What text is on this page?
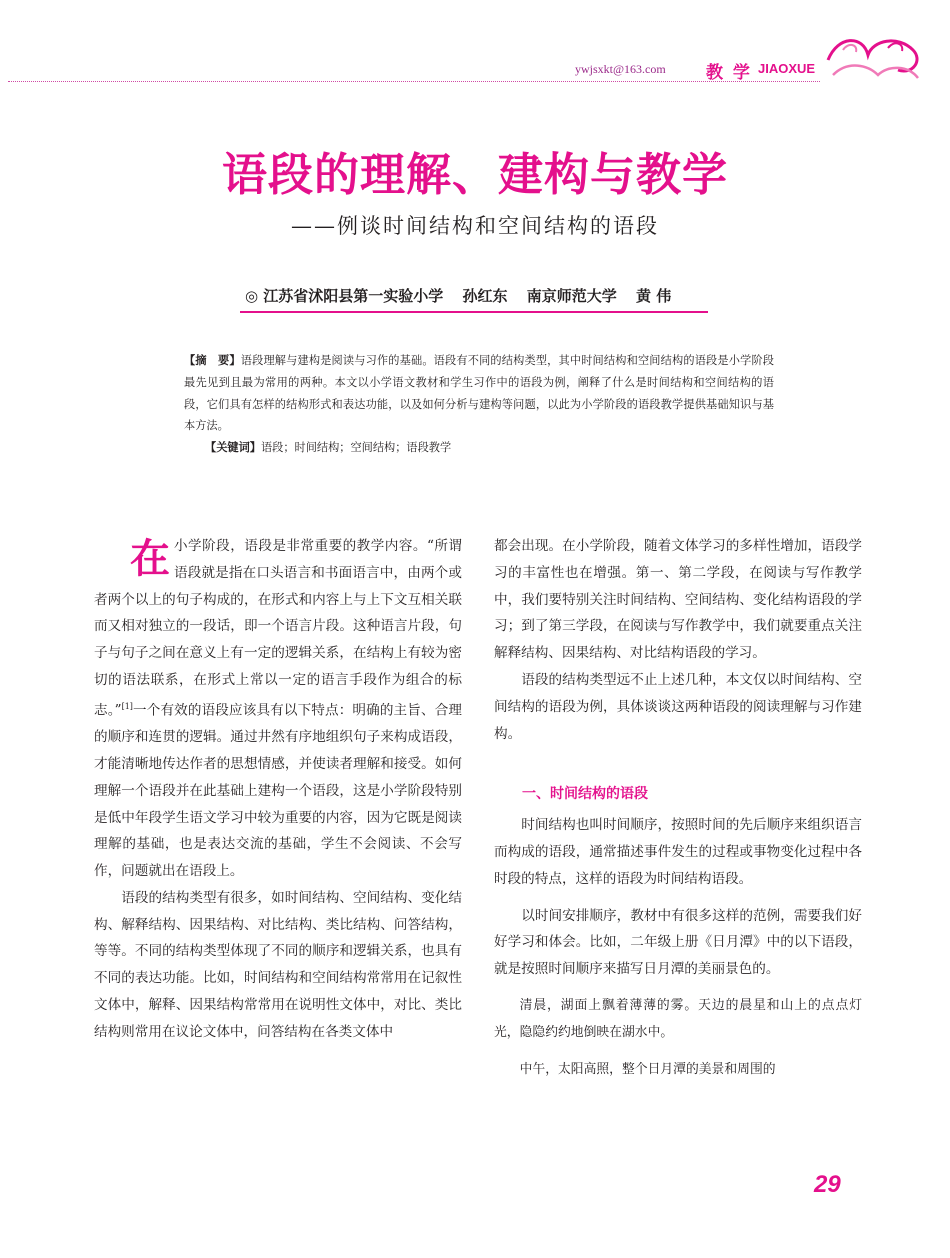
ywjsxkt@163.com 教 学 JIAOXUE
语段的理解、建构与教学
——例谈时间结构和空间结构的语段
◎ 江苏省沭阳县第一实验小学 孙红东 南京师范大学 黄 伟
【摘　要】语段理解与建构是阅读与习作的基础。语段有不同的结构类型，其中时间结构和空间结构的语段是小学阶段最先见到且最为常用的两种。本文以小学语文教材和学生习作中的语段为例，阐释了什么是时间结构和空间结构的语段，它们具有怎样的结构形式和表达功能，以及如何分析与建构等问题，以此为小学阶段的语段教学提供基础知识与基本方法。
【关键词】语段；时间结构；空间结构；语段教学
在 小学阶段，语段是非常重要的教学内容。“所谓语段就是指在口头语言和书面语言中，由两个或者两个以上的句子构成的，在形式和内容上与上下文互相关联而又相对独立的一段话，即一个语言片段。这种语言片段，句子与句子之间在意义上有一定的逻辑关系，在结构上有较为密切的语法联系，在形式上常以一定的语言手段作为组合的标志。”[1]一个有效的语段应该具有以下特点：明确的主旨、合理的顺序和连贯的逻辑。通过井然有序地组织句子来构成语段，才能清晰地传达作者的思想情感，并使读者理解和接受。如何理解一个语段并在此基础上建构一个语段，这是小学阶段特别是低中年段学生语文学习中较为重要的内容，因为它既是阅读理解的基础，也是表达交流的基础，学生不会阅读、不会写作，问题就出在语段上。

语段的结构类型有很多，如时间结构、空间结构、变化结构、解释结构、因果结构、对比结构、类比结构、问答结构，等等。不同的结构类型体现了不同的顺序和逻辑关系，也具有不同的表达功能。比如，时间结构和空间结构常常用在记叙性文体中，解释、因果结构常常用在说明性文体中，对比、类比结构则常用在议论文体中，问答结构在各类文体中

都会出现。在小学阶段，随着文体学习的多样性增加，语段学习的丰富性也在增强。第一、第二学段，在阅读与写作教学中，我们要特别关注时间结构、空间结构、变化结构语段的学习；到了第三学段，在阅读与写作教学中，我们就要重点关注解释结构、因果结构、对比结构语段的学习。

语段的结构类型远不止上述几种，本文仅以时间结构、空间结构的语段为例，具体谈谈这两种语段的阅读理解与习作建构。

一、时间结构的语段

时间结构也叫时间顺序，按照时间的先后顺序来组织语言而构成的语段，通常描述事件发生的过程或事物变化过程中各时段的特点，这样的语段为时间结构语段。

以时间安排顺序，教材中有很多这样的范例，需要我们好好学习和体会。比如，二年级上册《日月潭》中的以下语段，就是按照时间顺序来描写日月潭的美丽景色的。

清晨，湖面上飘着薄薄的雾。天边的晨星和山上的点点灯光，隐隐约约地倒映在湖水中。

中午，太阳高照，整个日月潭的美景和周围的

29
